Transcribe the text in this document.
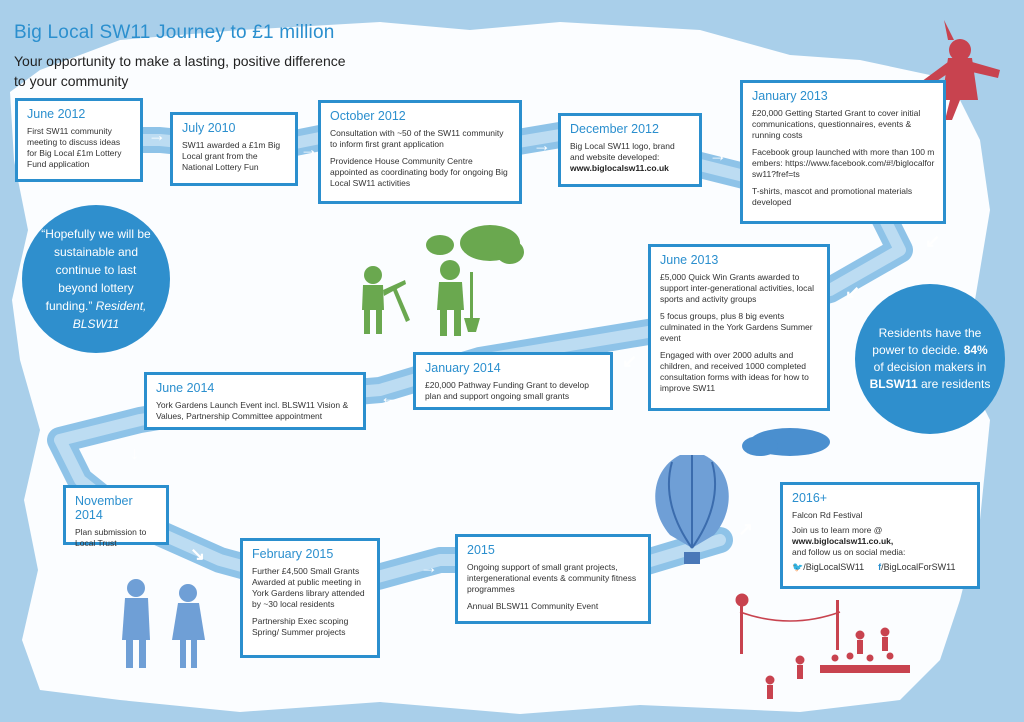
Big Local SW11 Journey to £1 million
Your opportunity to make a lasting, positive difference to your community
June 2012

First SW11 community meeting to discuss ideas for Big Local £1m Lottery Fund application

July 2010

SW11 awarded a £1m Big Local grant from the National Lottery Fun

October 2012

Consultation with ~50 of the SW11 community to inform first grant application

Providence House Community Centre appointed as coordinating body for ongoing Big Local SW11 activities

December 2012

Big Local SW11 logo, brand and website developed:
www.biglocalsw11.co.uk

January 2013

£20,000 Getting Started Grant to cover initial communications, questionnaires, events & running costs

Facebook group launched with more than 100 members: https://www.facebook.com/#!/biglocalforsw11?fref=ts

T-shirts, mascot and promotional materials developed

June 2013

£5,000 Quick Win Grants awarded to support inter-generational activities, local sports and activity groups

5 focus groups, plus 8 big events culminated in the York Gardens Summer event

Engaged with over 2000 adults and children, and received 1000 completed consultation forms with ideas for how to improve SW11

January 2014

£20,000 Pathway Funding Grant to develop plan and support ongoing small grants

June 2014

York Gardens Launch Event incl. BLSW11 Vision & Values, Partnership Committee appointment

November 2014

Plan submission to Local Trust

February 2015

Further £4,500 Small Grants Awarded at public meeting in York Gardens library attended by ~30 local residents

Partnership Exec scoping Spring/ Summer projects

2015

Ongoing support of small grant projects, intergenerational events & community fitness programmes

Annual BLSW11 Community Event

2016+

Falcon Rd Festival

Join us to learn more @
www.biglocalsw11.co.uk,
and follow us on social media:

🐦/BigLocalSW11 f/BigLocalForSW11
“Hopefully we will be sustainable and continue to last beyond lottery funding.” Resident, BLSW11
Residents have the power to decide. 84% of decision makers in BLSW11 are residents
→
→	→	→
↙
↙
↙
←
↓
↘
→
↗
